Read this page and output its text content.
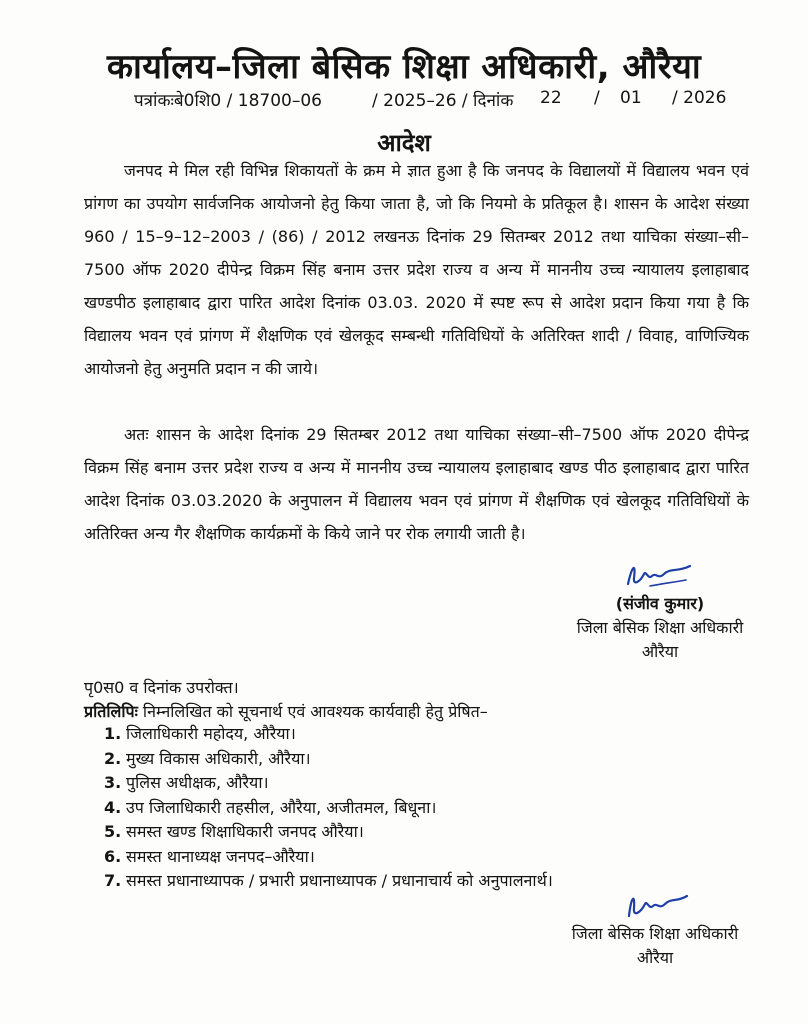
कार्यालय–जिला बेसिक शिक्षा अधिकारी, औरैया
पत्रांकःबे0शि0 / 18700–06	/ 2025–26 / दिनांक 22 / 01 / 2026
आदेश

जनपद मे मिल रही विभिन्न शिकायतों के क्रम मे ज्ञात हुआ है कि जनपद के विद्यालयों में विद्यालय भवन एवं प्रांगण का उपयोग सार्वजनिक आयोजनो हेतु किया जाता है, जो कि नियमो के प्रतिकूल है। शासन के आदेश संख्या 960 / 15–9–12–2003 / (86) / 2012 लखनऊ दिनांक 29 सितम्बर 2012 तथा याचिका संख्या–सी–7500 ऑफ 2020 दीपेन्द्र विक्रम सिंह बनाम उत्तर प्रदेश राज्य व अन्य में माननीय उच्च न्यायालय इलाहाबाद खण्डपीठ इलाहाबाद द्वारा पारित आदेश दिनांक 03.03. 2020 में स्पष्ट रूप से आदेश प्रदान किया गया है कि विद्यालय भवन एवं प्रांगण में शैक्षणिक एवं खेलकूद सम्बन्धी गतिविधियों के अतिरिक्त शादी / विवाह, वाणिज्यिक आयोजनो हेतु अनुमति प्रदान न की जाये।

अतः शासन के आदेश दिनांक 29 सितम्बर 2012 तथा याचिका संख्या–सी–7500 ऑफ 2020 दीपेन्द्र विक्रम सिंह बनाम उत्तर प्रदेश राज्य व अन्य में माननीय उच्च न्यायालय इलाहाबाद खण्ड पीठ इलाहाबाद द्वारा पारित आदेश दिनांक 03.03.2020 के अनुपालन में विद्यालय भवन एवं प्रांगण में शैक्षणिक एवं खेलकूद गतिविधियों के अतिरिक्त अन्य गैर शैक्षणिक कार्यक्रमों के किये जाने पर रोक लगायी जाती है।

(संजीव कुमार)
जिला बेसिक शिक्षा अधिकारी
औरैया
पृ0स0 व दिनांक उपरोक्त।
प्रतिलिपिः निम्नलिखित को सूचनार्थ एवं आवश्यक कार्यवाही हेतु प्रेषित–
1. जिलाधिकारी महोदय, औरैया।
2. मुख्य विकास अधिकारी, औरैया।
3. पुलिस अधीक्षक, औरैया।
4. उप जिलाधिकारी तहसील, औरैया, अजीतमल, बिधूना।
5. समस्त खण्ड शिक्षाधिकारी जनपद औरैया।
6. समस्त थानाध्यक्ष जनपद–औरैया।
7. समस्त प्रधानाध्यापक / प्रभारी प्रधानाध्यापक / प्रधानाचार्य को अनुपालनार्थ।
जिला बेसिक शिक्षा अधिकारी
औरैया
